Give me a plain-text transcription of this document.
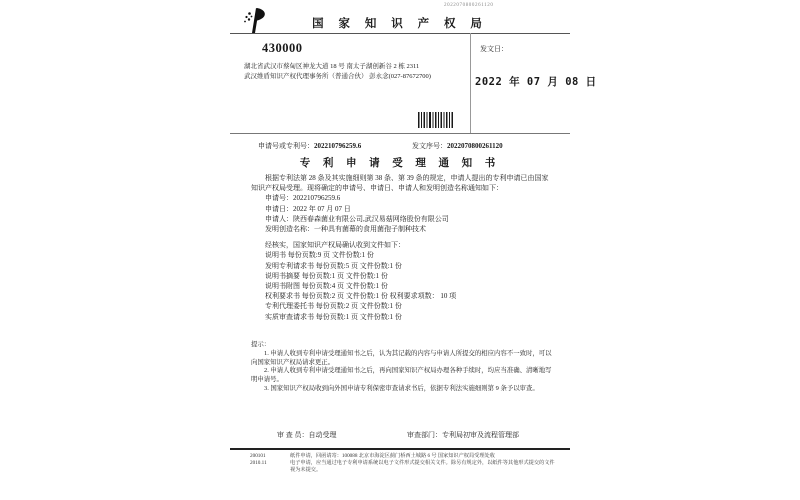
2022070800261120
国 家 知 识 产 权 局
430000
湖北省武汉市蔡甸区神龙大道 18 号 南太子湖创新谷 2 栋 2311
武汉维盾知识产权代理事务所（普通合伙） 彭永念(027-87672700)
发文日：
2022 年 07 月 08 日
申请号或专利号：202210796259.6	发文序号：2022070800261120
专 利 申 请 受 理 通 知 书

根据专利法第 28 条及其实施细则第 38 条、第 39 条的规定，申请人提出的专利申请已由国家知识产权局受理。现将确定的申请号、申请日、申请人和发明创造名称通知如下：

申请号：202210796259.6

申请日：2022 年 07 月 07 日

申请人：陕西春森菌业有限公司,武汉易菇网络股份有限公司

发明创造名称：一种具有菌幕的食用菌孢子制种技术

经核实，国家知识产权局确认收到文件如下：

说明书 每份页数:9 页 文件份数:1 份

发明专利请求书 每份页数:5 页 文件份数:1 份

说明书摘要 每份页数:1 页 文件份数:1 份

说明书附图 每份页数:4 页 文件份数:1 份

权利要求书 每份页数:2 页 文件份数:1 份 权利要求项数： 10 项

专利代理委托书 每份页数:2 页 文件份数:1 份

实质审查请求书 每份页数:1 页 文件份数:1 份

提示：
1. 申请人收到专利申请受理通知书之后，认为其记载的内容与申请人所提交的相应内容不一致时，可以向国家知识产权局请求更正。
2. 申请人收到专利申请受理通知书之后，再向国家知识产权局办理各种手续时，均应当准确、清晰地写明申请号。
3. 国家知识产权局收到向外国申请专利保密审查请求书后，依据专利法实施细则第 9 条予以审查。
审 查 员：自动受理	审查部门：专利局初审及流程管理部
200101
2010.11
纸件申请，回函请寄：100088 北京市海淀区蓟门桥西土城路 6 号 国家知识产权局受理处收
电子申请，应当通过电子专利申请系统以电子文件形式提交相关文件。除另有规定外，以纸件等其他形式提交的文件视为未提交。
